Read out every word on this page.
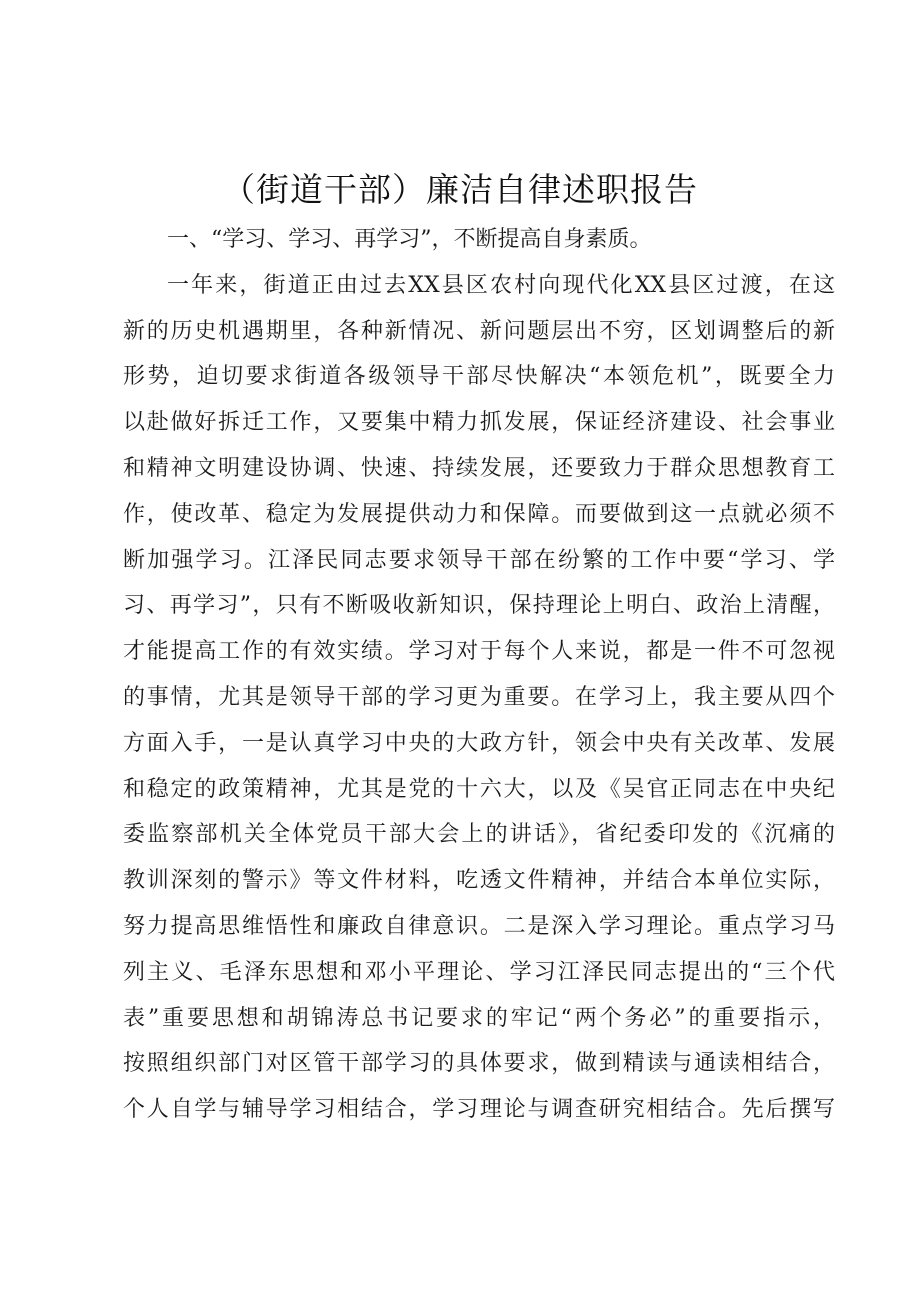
（街道干部）廉洁自律述职报告

一、“学习、学习、再学习”，不断提高自身素质。

一年来，街道正由过去XX县区农村向现代化XX县区过渡，在这

新的历史机遇期里，各种新情况、新问题层出不穷，区划调整后的新

形势，迫切要求街道各级领导干部尽快解决“本领危机”，既要全力

以赴做好拆迁工作，又要集中精力抓发展，保证经济建设、社会事业

和精神文明建设协调、快速、持续发展，还要致力于群众思想教育工

作，使改革、稳定为发展提供动力和保障。而要做到这一点就必须不

断加强学习。江泽民同志要求领导干部在纷繁的工作中要“学习、学

习、再学习”，只有不断吸收新知识，保持理论上明白、政治上清醒，

才能提高工作的有效实绩。学习对于每个人来说，都是一件不可忽视

的事情，尤其是领导干部的学习更为重要。在学习上，我主要从四个

方面入手，一是认真学习中央的大政方针，领会中央有关改革、发展

和稳定的政策精神，尤其是党的十六大，以及《吴官正同志在中央纪

委监察部机关全体党员干部大会上的讲话》，省纪委印发的《沉痛的

教训深刻的警示》等文件材料，吃透文件精神，并结合本单位实际，

努力提高思维悟性和廉政自律意识。二是深入学习理论。重点学习马

列主义、毛泽东思想和邓小平理论、学习江泽民同志提出的“三个代

表”重要思想和胡锦涛总书记要求的牢记“两个务必”的重要指示，

按照组织部门对区管干部学习的具体要求，做到精读与通读相结合，

个人自学与辅导学习相结合，学习理论与调查研究相结合。先后撰写
